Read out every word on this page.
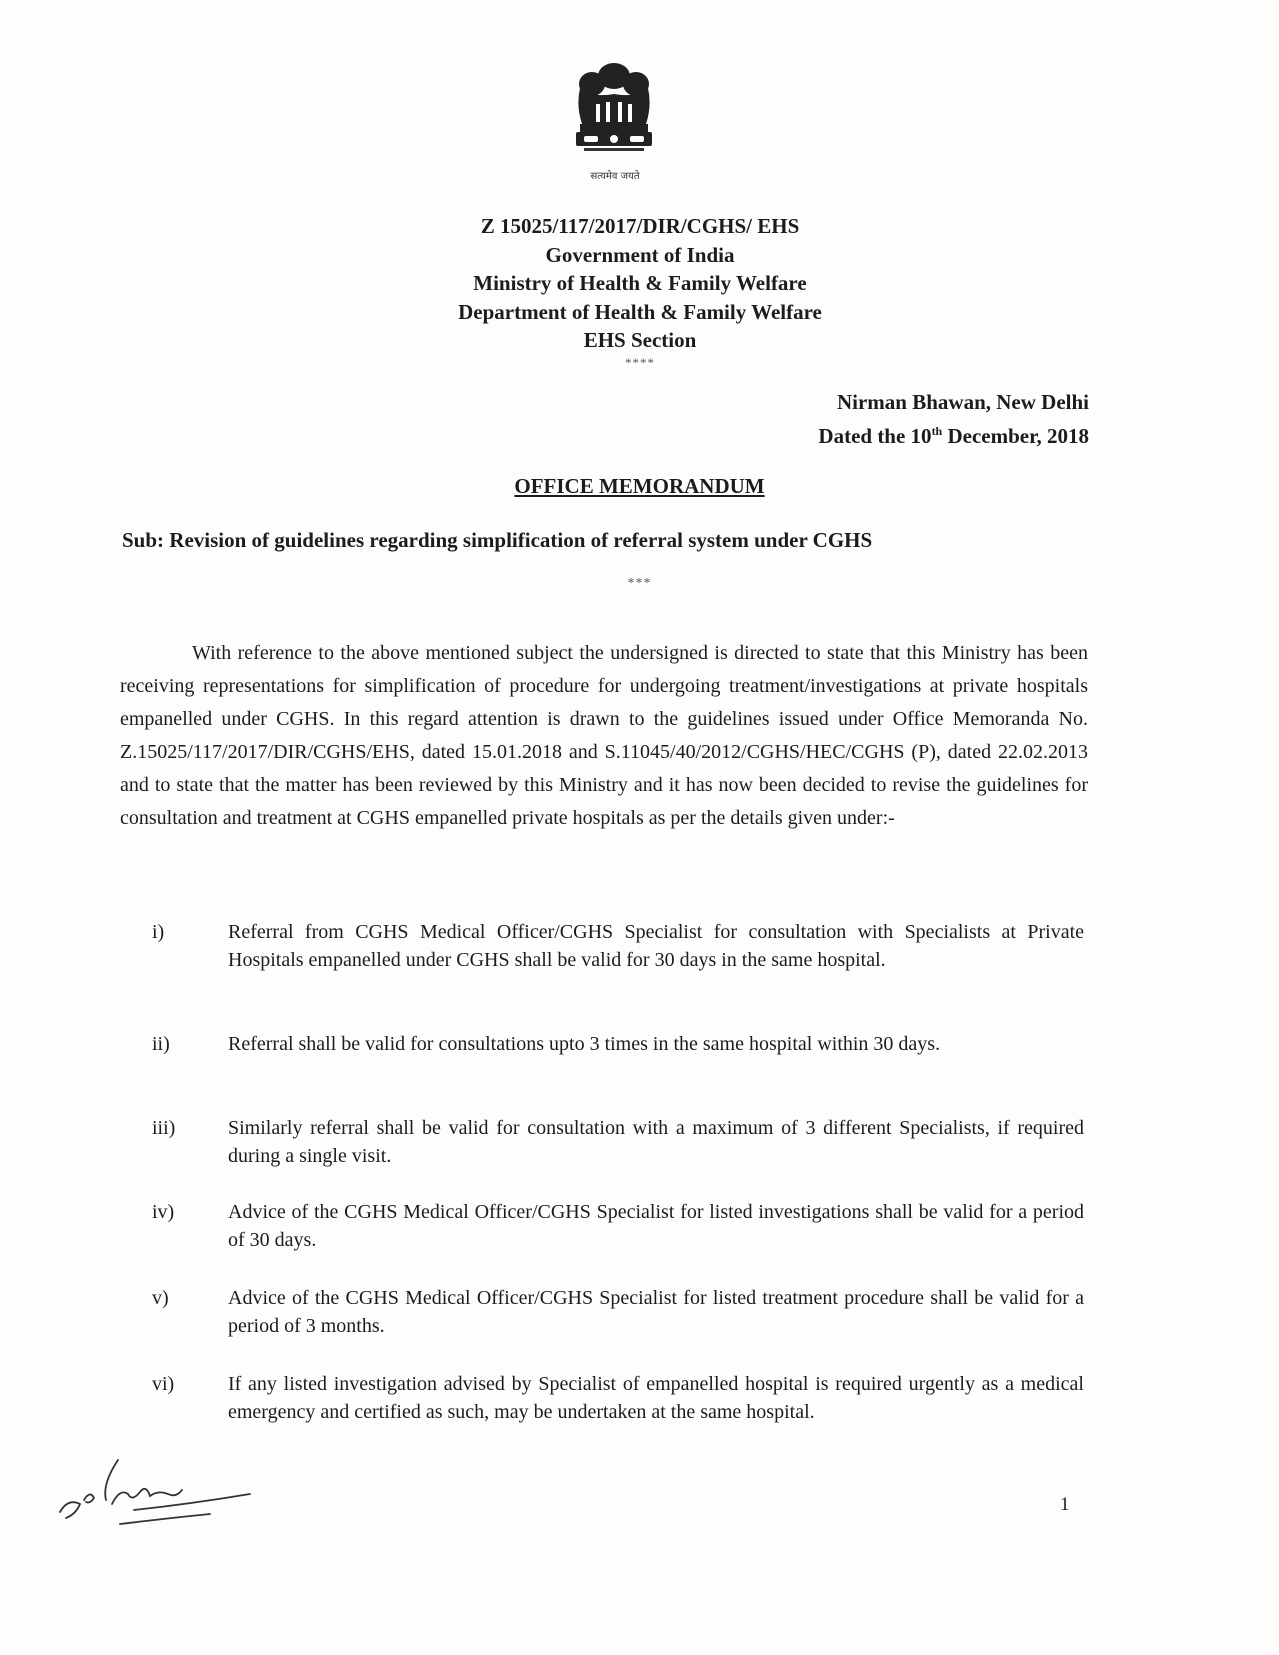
सत्यमेव जयते
Z 15025/117/2017/DIR/CGHS/ EHS
Government of India
Ministry of Health & Family Welfare
Department of Health & Family Welfare
EHS Section
****
Nirman Bhawan, New Delhi
Dated the 10th December, 2018
OFFICE MEMORANDUM
Sub: Revision of guidelines regarding simplification of referral system under CGHS
***
With reference to the above mentioned subject the undersigned is directed to state that this Ministry has been receiving representations for simplification of procedure for undergoing treatment/investigations at private hospitals empanelled under CGHS. In this regard attention is drawn to the guidelines issued under Office Memoranda No. Z.15025/117/2017/DIR/CGHS/EHS, dated 15.01.2018 and S.11045/40/2012/CGHS/HEC/CGHS (P), dated 22.02.2013 and to state that the matter has been reviewed by this Ministry and it has now been decided to revise the guidelines for consultation and treatment at CGHS empanelled private hospitals as per the details given under:-
i)	Referral from CGHS Medical Officer/CGHS Specialist for consultation with Specialists at Private Hospitals empanelled under CGHS shall be valid for 30 days in the same hospital.
ii)	Referral shall be valid for consultations upto 3 times in the same hospital within 30 days.
iii)	Similarly referral shall be valid for consultation with a maximum of 3 different Specialists, if required during a single visit.
iv)	Advice of the CGHS Medical Officer/CGHS Specialist for listed investigations shall be valid for a period of 30 days.
v)	Advice of the CGHS Medical Officer/CGHS Specialist for listed treatment procedure shall be valid for a period of 3 months.
vi)	If any listed investigation advised by Specialist of empanelled hospital is required urgently as a medical emergency and certified as such, may be undertaken at the same hospital.
1
